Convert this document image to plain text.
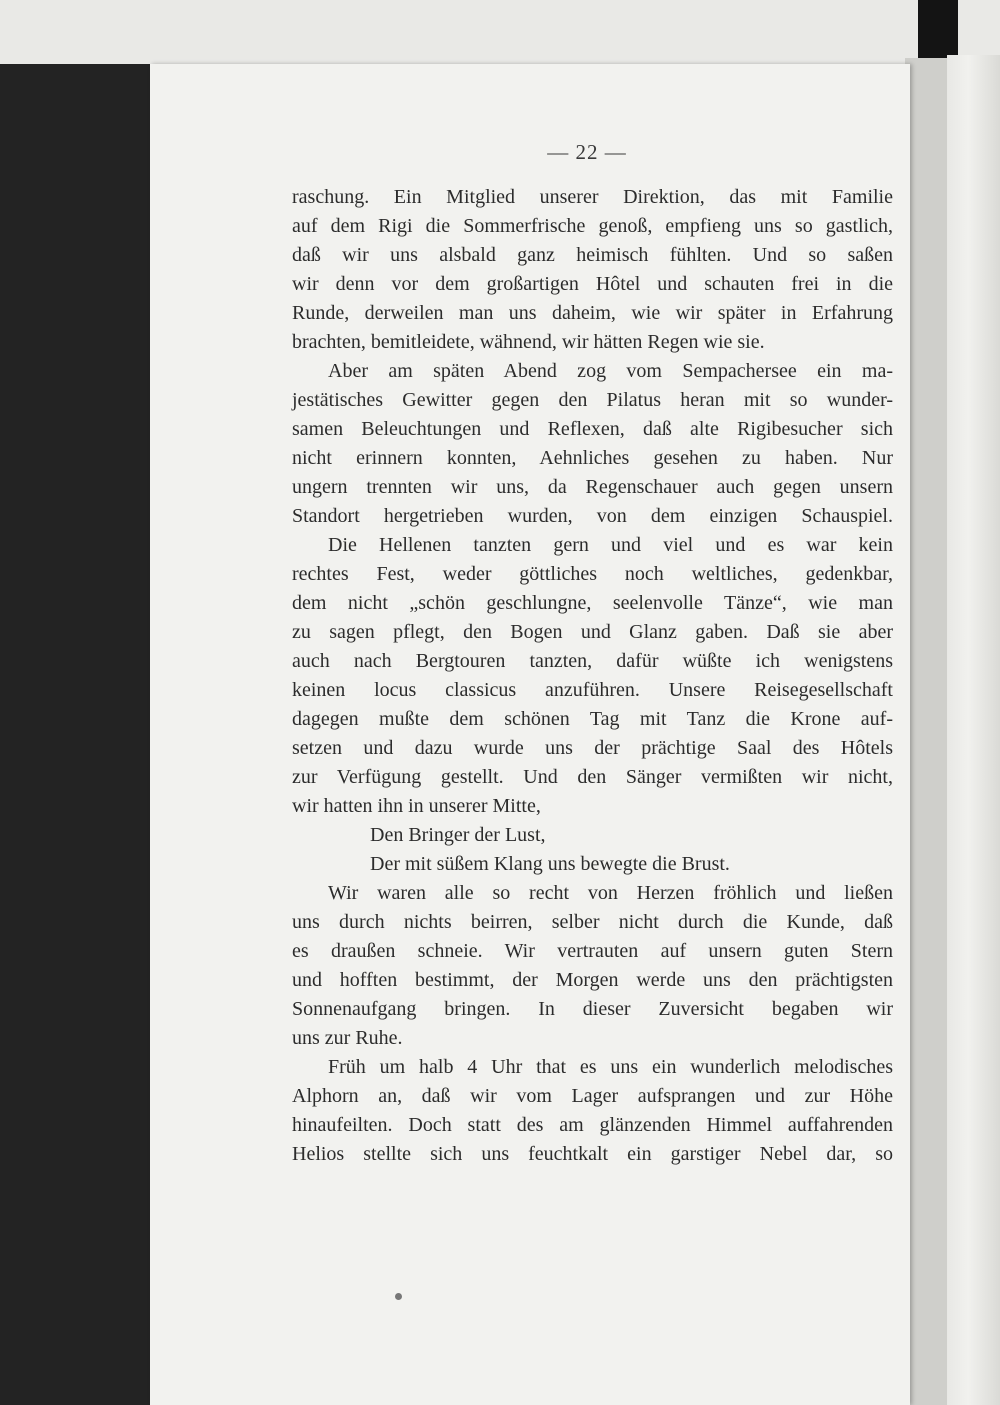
— 22 —
raschung. Ein Mitglied unserer Direktion, das mit Familie
auf dem Rigi die Sommerfrische genoß, empfieng uns so gastlich,
daß wir uns alsbald ganz heimisch fühlten. Und so saßen
wir denn vor dem großartigen Hôtel und schauten frei in die
Runde, derweilen man uns daheim, wie wir später in Erfahrung
brachten, bemitleidete, wähnend, wir hätten Regen wie sie.
Aber am späten Abend zog vom Sempachersee ein ma-
jestätisches Gewitter gegen den Pilatus heran mit so wunder-
samen Beleuchtungen und Reflexen, daß alte Rigibesucher sich
nicht erinnern konnten, Aehnliches gesehen zu haben. Nur
ungern trennten wir uns, da Regenschauer auch gegen unsern
Standort hergetrieben wurden, von dem einzigen Schauspiel.
Die Hellenen tanzten gern und viel und es war kein
rechtes Fest, weder göttliches noch weltliches, gedenkbar,
dem nicht „schön geschlungne, seelenvolle Tänze“, wie man
zu sagen pflegt, den Bogen und Glanz gaben. Daß sie aber
auch nach Bergtouren tanzten, dafür wüßte ich wenigstens
keinen locus classicus anzuführen. Unsere Reisegesellschaft
dagegen mußte dem schönen Tag mit Tanz die Krone auf-
setzen und dazu wurde uns der prächtige Saal des Hôtels
zur Verfügung gestellt. Und den Sänger vermißten wir nicht,
wir hatten ihn in unserer Mitte,
Den Bringer der Lust,
Der mit süßem Klang uns bewegte die Brust.
Wir waren alle so recht von Herzen fröhlich und ließen
uns durch nichts beirren, selber nicht durch die Kunde, daß
es draußen schneie. Wir vertrauten auf unsern guten Stern
und hofften bestimmt, der Morgen werde uns den prächtigsten
Sonnenaufgang bringen. In dieser Zuversicht begaben wir
uns zur Ruhe.
Früh um halb 4 Uhr that es uns ein wunderlich melodisches
Alphorn an, daß wir vom Lager aufsprangen und zur Höhe
hinaufeilten. Doch statt des am glänzenden Himmel auffahrenden
Helios stellte sich uns feuchtkalt ein garstiger Nebel dar, so
